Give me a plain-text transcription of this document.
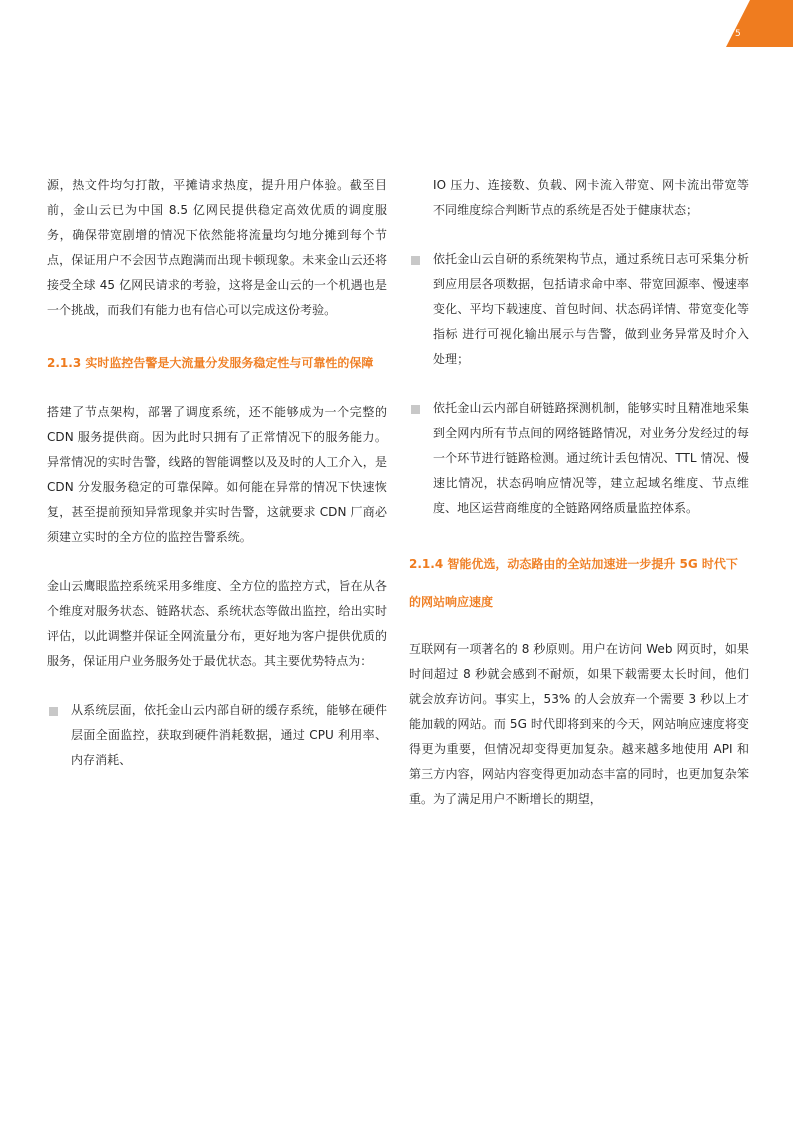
5

源，热文件均匀打散，平摊请求热度，提升用户体验。截至目前，金山云已为中国 8.5 亿网民提供稳定高效优质的调度服务，确保带宽剧增的情况下依然能将流量均匀地分摊到每个节点，保证用户不会因节点跑满而出现卡顿现象。未来金山云还将接受全球 45 亿网民请求的考验，这将是金山云的一个机遇也是一个挑战，而我们有能力也有信心可以完成这份考验。

2.1.3 实时监控告警是大流量分发服务稳定性与可靠性的保障

搭建了节点架构，部署了调度系统，还不能够成为一个完整的 CDN 服务提供商。因为此时只拥有了正常情况下的服务能力。异常情况的实时告警，线路的智能调整以及及时的人工介入，是 CDN 分发服务稳定的可靠保障。如何能在异常的情况下快速恢复，甚至提前预知异常现象并实时告警，这就要求 CDN 厂商必须建立实时的全方位的监控告警系统。

金山云鹰眼监控系统采用多维度、全方位的监控方式，旨在从各个维度对服务状态、链路状态、系统状态等做出监控，给出实时评估，以此调整并保证全网流量分布，更好地为客户提供优质的服务，保证用户业务服务处于最优状态。其主要优势特点为：

从系统层面，依托金山云内部自研的缓存系统，能够在硬件层面全面监控，获取到硬件消耗数据，通过 CPU 利用率、内存消耗、

IO 压力、连接数、负载、网卡流入带宽、网卡流出带宽等不同维度综合判断节点的系统是否处于健康状态；

依托金山云自研的系统架构节点，通过系统日志可采集分析到应用层各项数据，包括请求命中率、带宽回源率、慢速率变化、平均下载速度、首包时间、状态码详情、带宽变化等指标 进行可视化输出展示与告警，做到业务异常及时介入处理；

依托金山云内部自研链路探测机制，能够实时且精准地采集到全网内所有节点间的网络链路情况，对业务分发经过的每一个环节进行链路检测。通过统计丢包情况、TTL 情况、慢速比情况，状态码响应情况等，建立起域名维度、节点维度、地区运营商维度的全链路网络质量监控体系。

2.1.4 智能优选，动态路由的全站加速进一步提升 5G 时代下的网站响应速度

互联网有一项著名的 8 秒原则。用户在访问 Web 网页时，如果时间超过 8 秒就会感到不耐烦，如果下载需要太长时间，他们就会放弃访问。事实上，53% 的人会放弃一个需要 3 秒以上才能加载的网站。而 5G 时代即将到来的今天，网站响应速度将变得更为重要，但情况却变得更加复杂。越来越多地使用 API 和第三方内容，网站内容变得更加动态丰富的同时，也更加复杂笨重。为了满足用户不断增长的期望，
